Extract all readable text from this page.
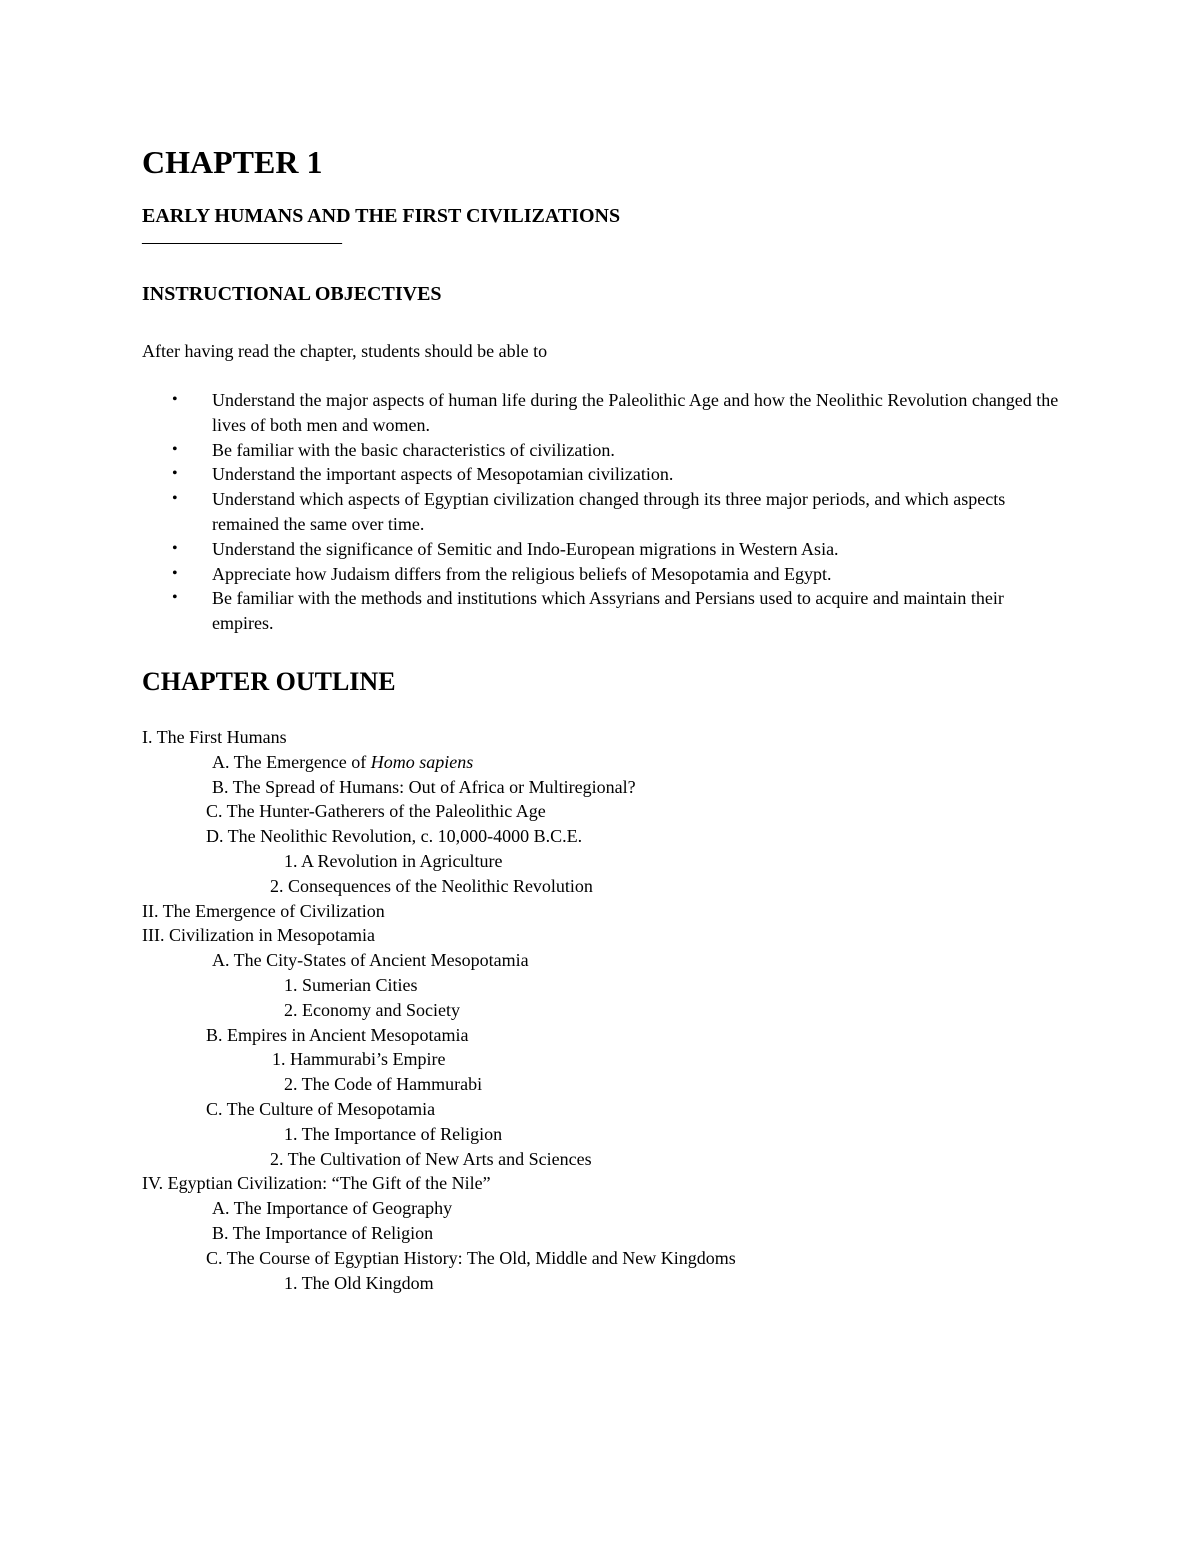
CHAPTER 1
EARLY HUMANS AND THE FIRST CIVILIZATIONS
——————————
INSTRUCTIONAL OBJECTIVES
After having read the chapter, students should be able to
• Understand the major aspects of human life during the Paleolithic Age and how the Neolithic Revolution changed the lives of both men and women.
• Be familiar with the basic characteristics of civilization.
• Understand the important aspects of Mesopotamian civilization.
• Understand which aspects of Egyptian civilization changed through its three major periods, and which aspects remained the same over time.
• Understand the significance of Semitic and Indo-European migrations in Western Asia.
• Appreciate how Judaism differs from the religious beliefs of Mesopotamia and Egypt.
• Be familiar with the methods and institutions which Assyrians and Persians used to acquire and maintain their empires.
CHAPTER OUTLINE
I. The First Humans
A. The Emergence of Homo sapiens
B. The Spread of Humans: Out of Africa or Multiregional?
C. The Hunter-Gatherers of the Paleolithic Age
D. The Neolithic Revolution, c. 10,000-4000 B.C.E.
1. A Revolution in Agriculture
2. Consequences of the Neolithic Revolution
II. The Emergence of Civilization
III. Civilization in Mesopotamia
A. The City-States of Ancient Mesopotamia
1. Sumerian Cities
2. Economy and Society
B. Empires in Ancient Mesopotamia
1. Hammurabi’s Empire
2. The Code of Hammurabi
C. The Culture of Mesopotamia
1. The Importance of Religion
2. The Cultivation of New Arts and Sciences
IV. Egyptian Civilization: “The Gift of the Nile”
A. The Importance of Geography
B. The Importance of Religion
C. The Course of Egyptian History: The Old, Middle and New Kingdoms
1. The Old Kingdom
